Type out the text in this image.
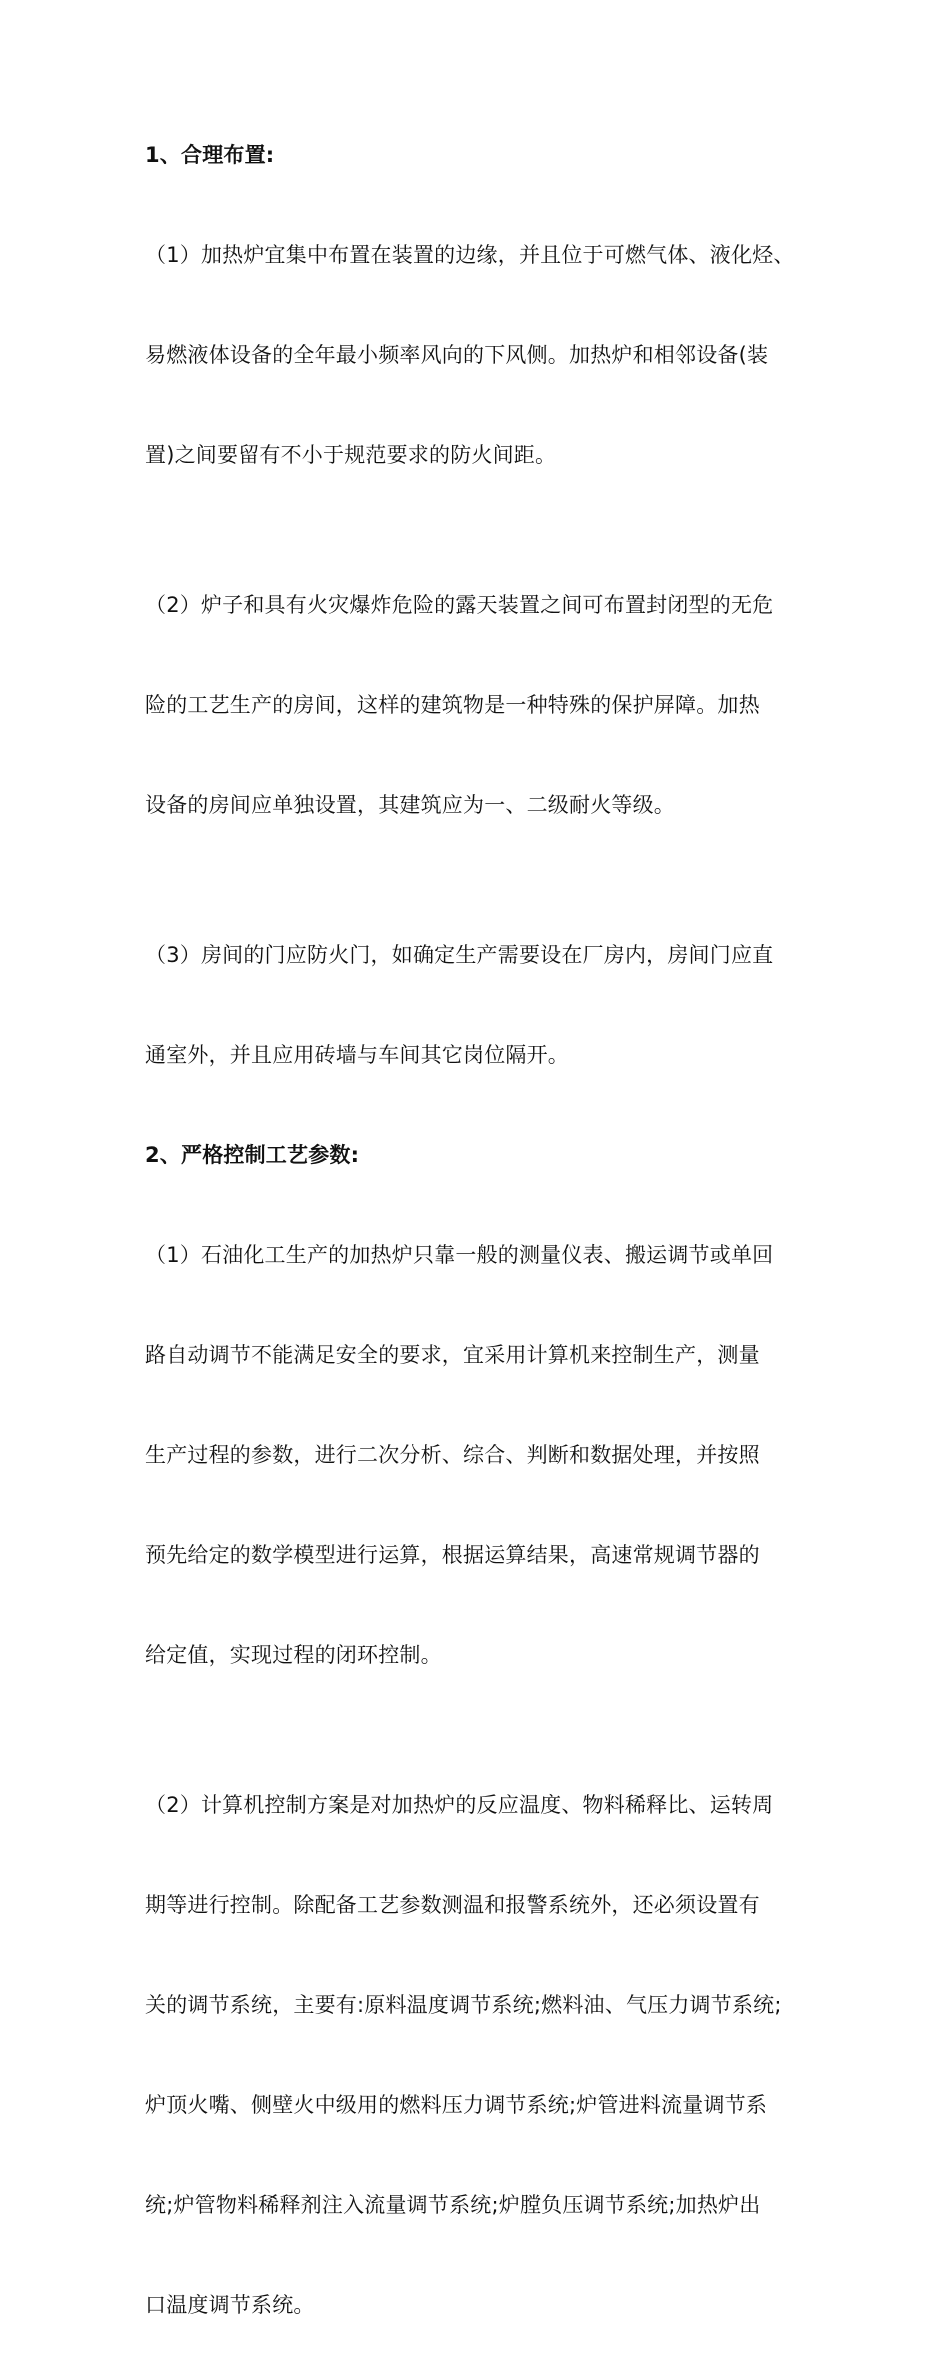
1、合理布置:

（1）加热炉宜集中布置在装置的边缘，并且位于可燃气体、液化烃、

易燃液体设备的全年最小频率风向的下风侧。加热炉和相邻设备(装

置)之间要留有不小于规范要求的防火间距。

（2）炉子和具有火灾爆炸危险的露天装置之间可布置封闭型的无危

险的工艺生产的房间，这样的建筑物是一种特殊的保护屏障。加热

设备的房间应单独设置，其建筑应为一、二级耐火等级。

（3）房间的门应防火门，如确定生产需要设在厂房内，房间门应直

通室外，并且应用砖墙与车间其它岗位隔开。

2、严格控制工艺参数:

（1）石油化工生产的加热炉只靠一般的测量仪表、搬运调节或单回

路自动调节不能满足安全的要求，宜采用计算机来控制生产，测量

生产过程的参数，进行二次分析、综合、判断和数据处理，并按照

预先给定的数学模型进行运算，根据运算结果，高速常规调节器的

给定值，实现过程的闭环控制。

（2）计算机控制方案是对加热炉的反应温度、物料稀释比、运转周

期等进行控制。除配备工艺参数测温和报警系统外，还必须设置有

关的调节系统，主要有:原料温度调节系统;燃料油、气压力调节系统;

炉顶火嘴、侧壁火中级用的燃料压力调节系统;炉管进料流量调节系

统;炉管物料稀释剂注入流量调节系统;炉膛负压调节系统;加热炉出

口温度调节系统。
